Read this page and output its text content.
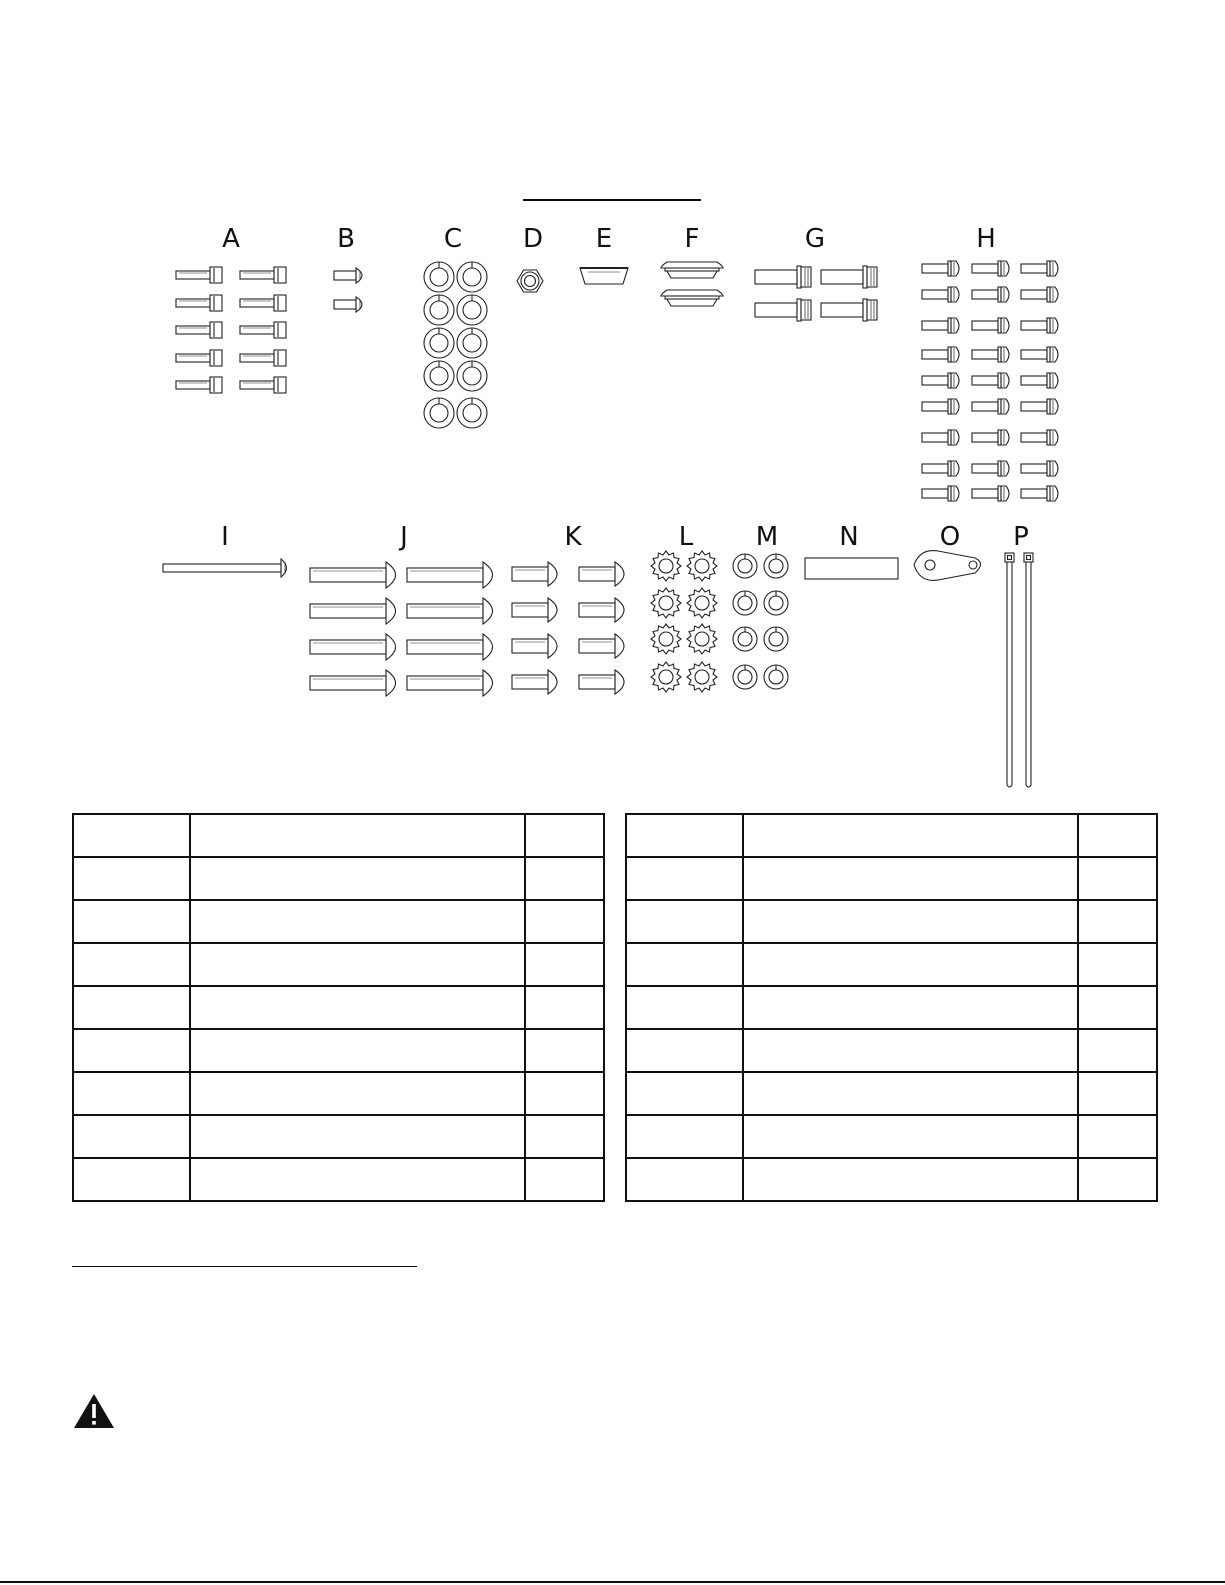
A	B	C D E	F	G	H
I	J	K	L M N	O P
